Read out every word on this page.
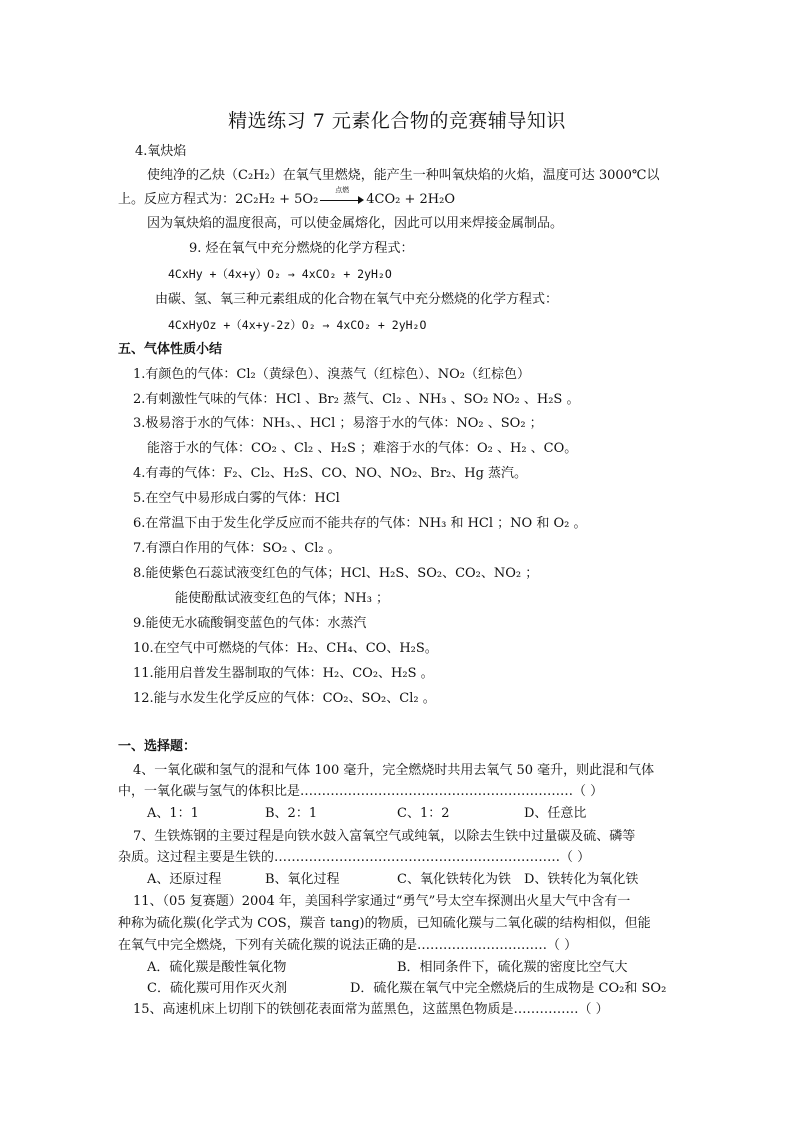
精选练习 7 元素化合物的竞赛辅导知识
4.氧炔焰
使纯净的乙炔（C₂H₂）在氧气里燃烧，能产生一种叫氧炔焰的火焰，温度可达 3000℃以
上。反应方程式为：2C₂H₂ + 5O₂
点燃
4CO₂ + 2H₂O
因为氧炔焰的温度很高，可以使金属熔化，因此可以用来焊接金属制品。
9. 烃在氧气中充分燃烧的化学方程式：
4CxHy +（4x+y）O₂ → 4xCO₂ + 2yH₂O
由碳、氢、氧三种元素组成的化合物在氧气中充分燃烧的化学方程式：
4CxHyOz +（4x+y-2z）O₂ → 4xCO₂ + 2yH₂O
五、气体性质小结
1.有颜色的气体：Cl₂（黄绿色）、溴蒸气（红棕色）、NO₂（红棕色）
2.有刺激性气味的气体：HCl 、Br₂ 蒸气、Cl₂ 、NH₃ 、SO₂ NO₂ 、H₂S 。
3.极易溶于水的气体：NH₃、、HCl ；易溶于水的气体：NO₂ 、SO₂ ；
能溶于水的气体：CO₂ 、Cl₂ 、H₂S ；难溶于水的气体：O₂ 、H₂ 、CO。
4.有毒的气体：F₂、Cl₂、H₂S、CO、NO、NO₂、Br₂、Hg 蒸汽。
5.在空气中易形成白雾的气体：HCl
6.在常温下由于发生化学反应而不能共存的气体：NH₃ 和 HCl ；NO 和 O₂ 。
7.有漂白作用的气体：SO₂ 、Cl₂ 。
8.能使紫色石蕊试液变红色的气体；HCl、H₂S、SO₂、CO₂、NO₂ ；
能使酚酞试液变红色的气体；NH₃ ；
9.能使无水硫酸铜变蓝色的气体：水蒸汽
10.在空气中可燃烧的气体：H₂、CH₄、CO、H₂S。
11.能用启普发生器制取的气体：H₂、CO₂、H₂S 。
12.能与水发生化学反应的气体：CO₂、SO₂、Cl₂ 。
一、选择题：
4、一氧化碳和氢气的混和气体 100 毫升，完全燃烧时共用去氧气 50 毫升，则此混和气体
中，一氧化碳与氢气的体积比是………………………………………………………（ ）
A、1：1	B、2：1	C、1：2	D、任意比
7、生铁炼钢的主要过程是向铁水鼓入富氧空气或纯氧，以除去生铁中过量碳及硫、磷等
杂质。这过程主要是生铁的…………………………………………………………（ ）
A、还原过程	B、氧化过程	C、氧化铁转化为铁 D、铁转化为氧化铁
11、（05 复赛题）2004 年，美国科学家通过“勇气”号太空车探测出火星大气中含有一
种称为硫化羰(化学式为 COS，羰音 tang)的物质，已知硫化羰与二氧化碳的结构相似，但能
在氧气中完全燃烧，下列有关硫化羰的说法正确的是…………………………（ ）
A．硫化羰是酸性氧化物	B．相同条件下，硫化羰的密度比空气大
C．硫化羰可用作灭火剂	D．硫化羰在氧气中完全燃烧后的生成物是 CO₂和 SO₂
15、高速机床上切削下的铁刨花表面常为蓝黑色，这蓝黑色物质是……………（ ）
